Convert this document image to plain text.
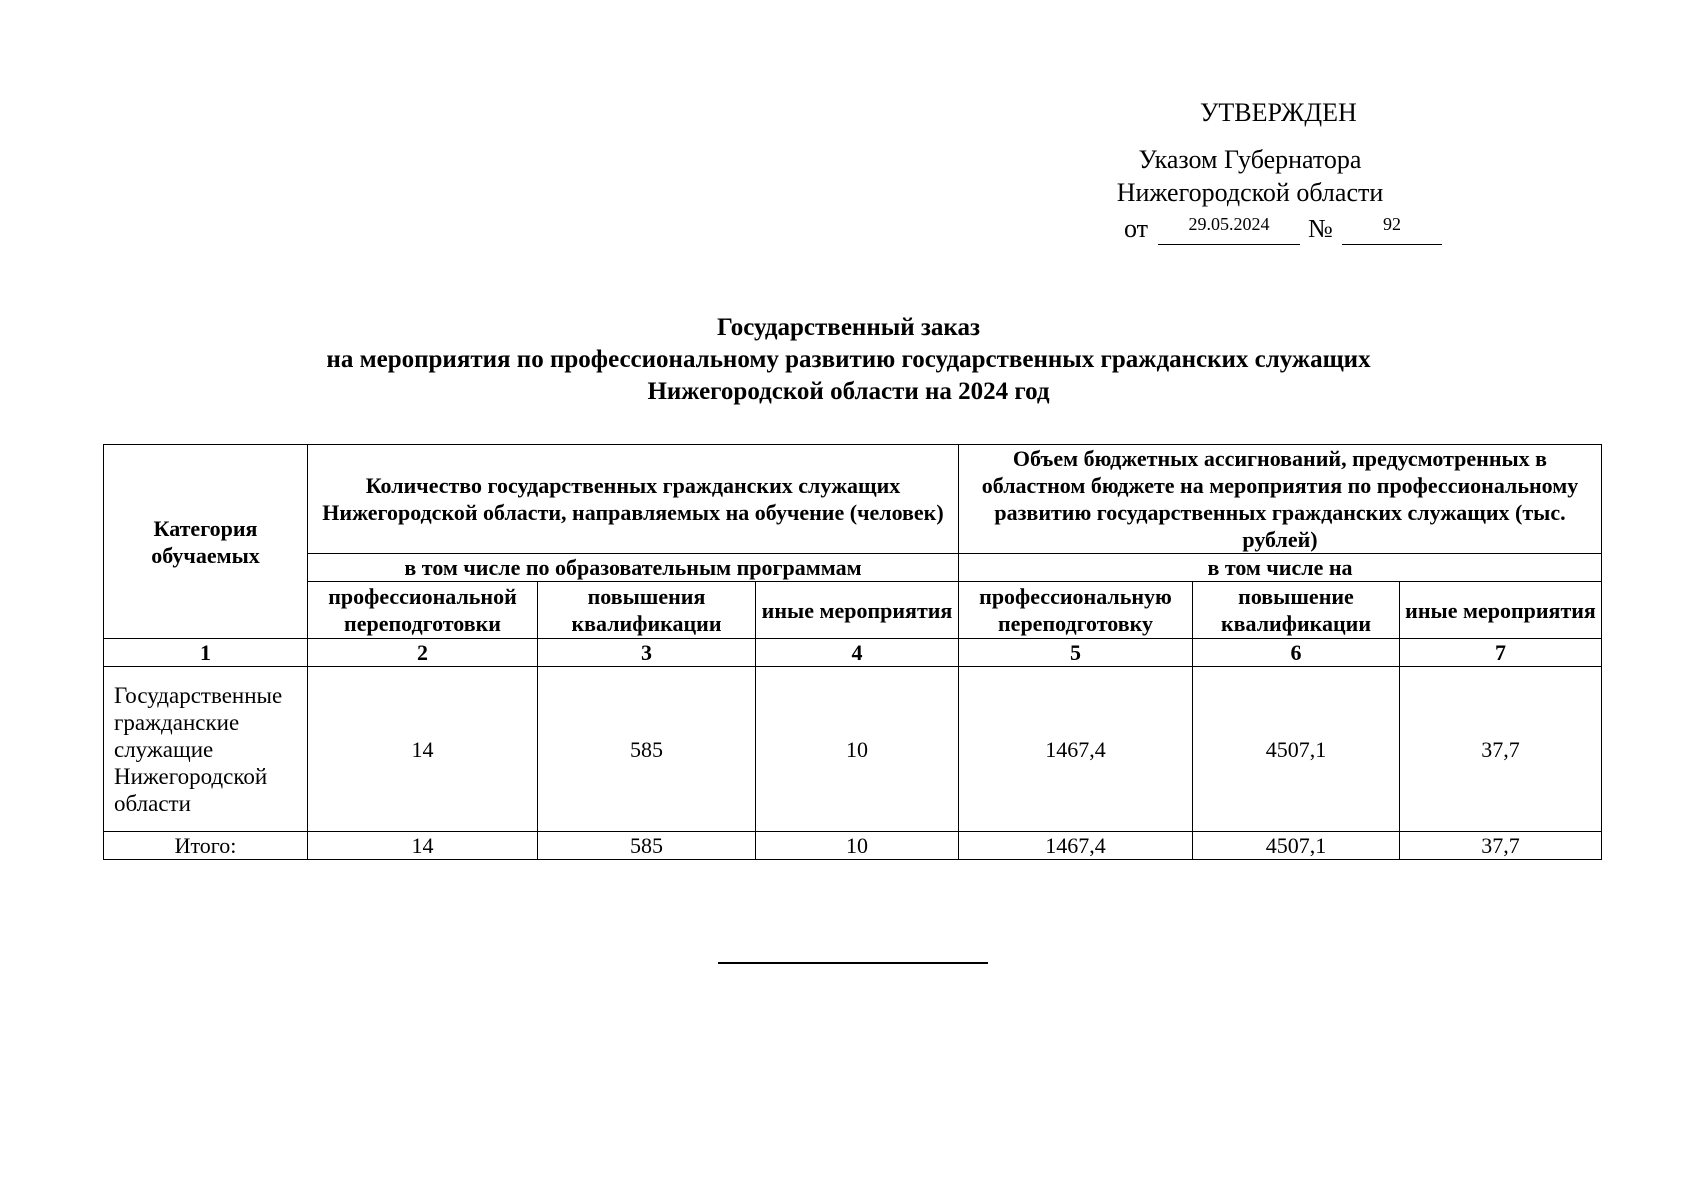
УТВЕРЖДЕН
Указом Губернатора
Нижегородской области
от	29.05.2024	№	92
Государственный заказ
на мероприятия по профессиональному развитию государственных гражданских служащих
Нижегородской области на 2024 год
Категория обучаемых	Количество государственных гражданских служащих Нижегородской области, направляемых на обучение (человек)			Объем бюджетных ассигнований, предусмотренных в областном бюджете на мероприятия по профессиональному развитию государственных гражданских служащих (тыс. рублей)		
	в том числе по образовательным программам			в том числе на		
	профессиональной переподготовки	повышения квалификации	иные мероприятия	профессиональную переподготовку	повышение квалификации	иные мероприятия
1	2	3	4	5	6	7
Государственные гражданские служащие Нижегородской области	14	585	10	1467,4	4507,1	37,7
Итого:	14	585	10	1467,4	4507,1	37,7
